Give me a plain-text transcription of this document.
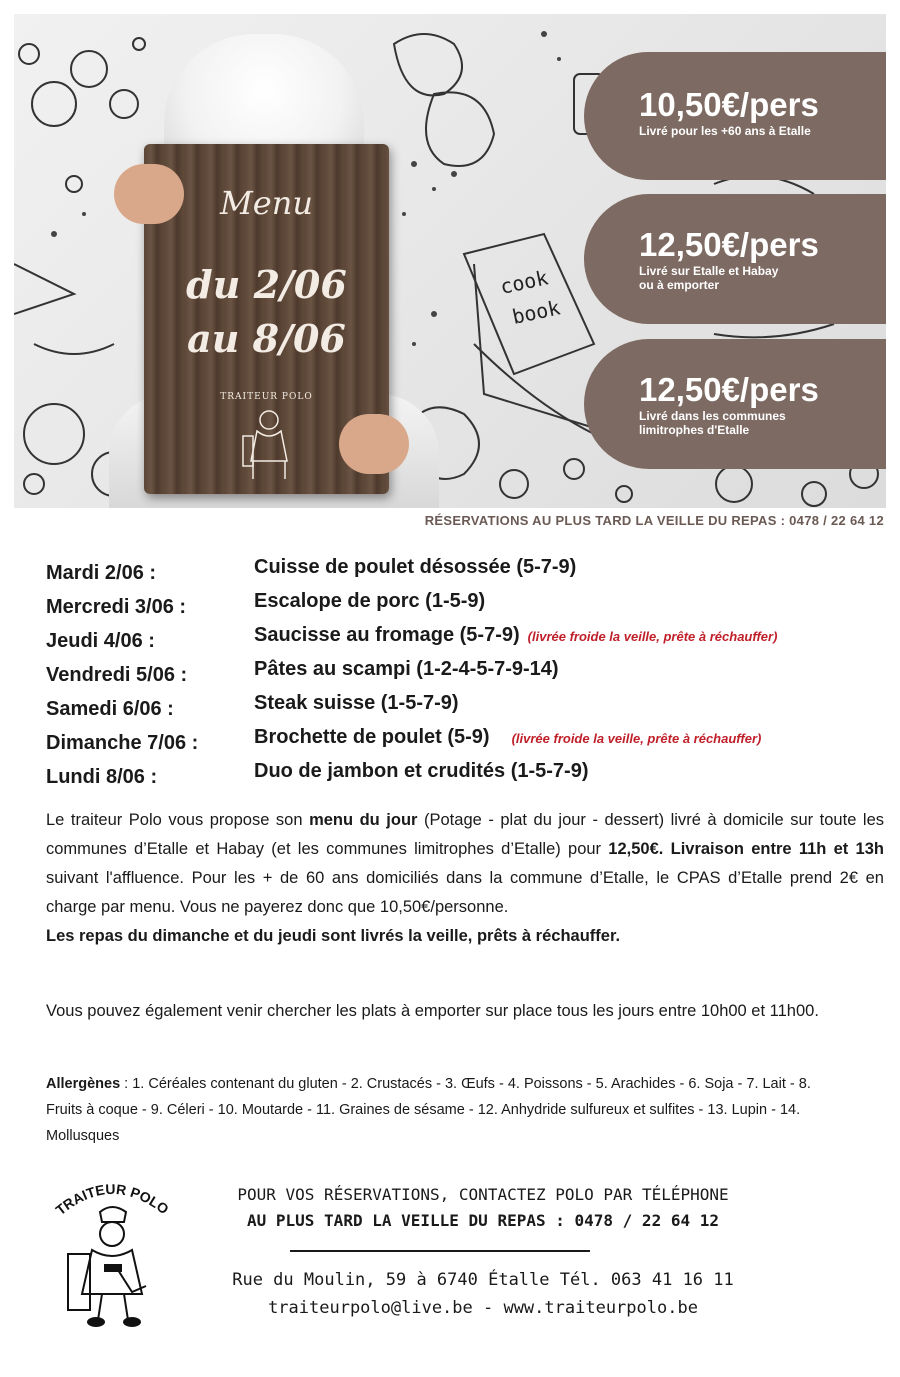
cook
book
Menu
du 2/06
au 8/06
TRAITEUR POLO
10,50€/pers
Livré pour les +60 ans à Etalle
12,50€/pers
Livré sur Etalle et Habay
ou à emporter
12,50€/pers
Livré dans les communes
limitrophes d'Etalle
RÉSERVATIONS AU PLUS TARD LA VEILLE DU REPAS : 0478 / 22 64 12
Mardi 2/06 :	Cuisse de poulet désossée (5-7-9)
Mercredi 3/06 :	Escalope de porc (1-5-9)
Jeudi 4/06 :	Saucisse au fromage (5-7-9) (livrée froide la veille, prête à réchauffer)
Vendredi 5/06 :	Pâtes au scampi (1-2-4-5-7-9-14)
Samedi 6/06 :	Steak suisse (1-5-7-9)
Dimanche 7/06 :	Brochette de poulet (5-9) (livrée froide la veille, prête à réchauffer)
Lundi 8/06 :	Duo de jambon et crudités (1-5-7-9)
Le traiteur Polo vous propose son menu du jour (Potage - plat du jour - dessert) livré à domicile sur toute les communes d’Etalle et Habay (et les communes limitrophes d’Etalle) pour 12,50€. Livraison entre 11h et 13h suivant l'affluence. Pour les + de 60 ans domiciliés dans la commune d’Etalle, le CPAS d’Etalle prend 2€ en charge par menu. Vous ne payerez donc que 10,50€/personne.
Les repas du dimanche et du jeudi sont livrés la veille, prêts à réchauffer.
Vous pouvez également venir chercher les plats à emporter sur place tous les jours entre 10h00 et 11h00.
Allergènes : 1. Céréales contenant du gluten - 2. Crustacés - 3. Œufs - 4. Poissons - 5. Arachides - 6. Soja - 7. Lait - 8. Fruits à coque - 9. Céleri - 10. Moutarde - 11. Graines de sésame - 12. Anhydride sulfureux et sulfites - 13. Lupin - 14. Mollusques
TRAITEUR POLO
POUR VOS RÉSERVATIONS, CONTACTEZ POLO PAR TÉLÉPHONE
AU PLUS TARD LA VEILLE DU REPAS : 0478 / 22 64 12
Rue du Moulin, 59 à 6740 Étalle Tél. 063 41 16 11
traiteurpolo@live.be - www.traiteurpolo.be
